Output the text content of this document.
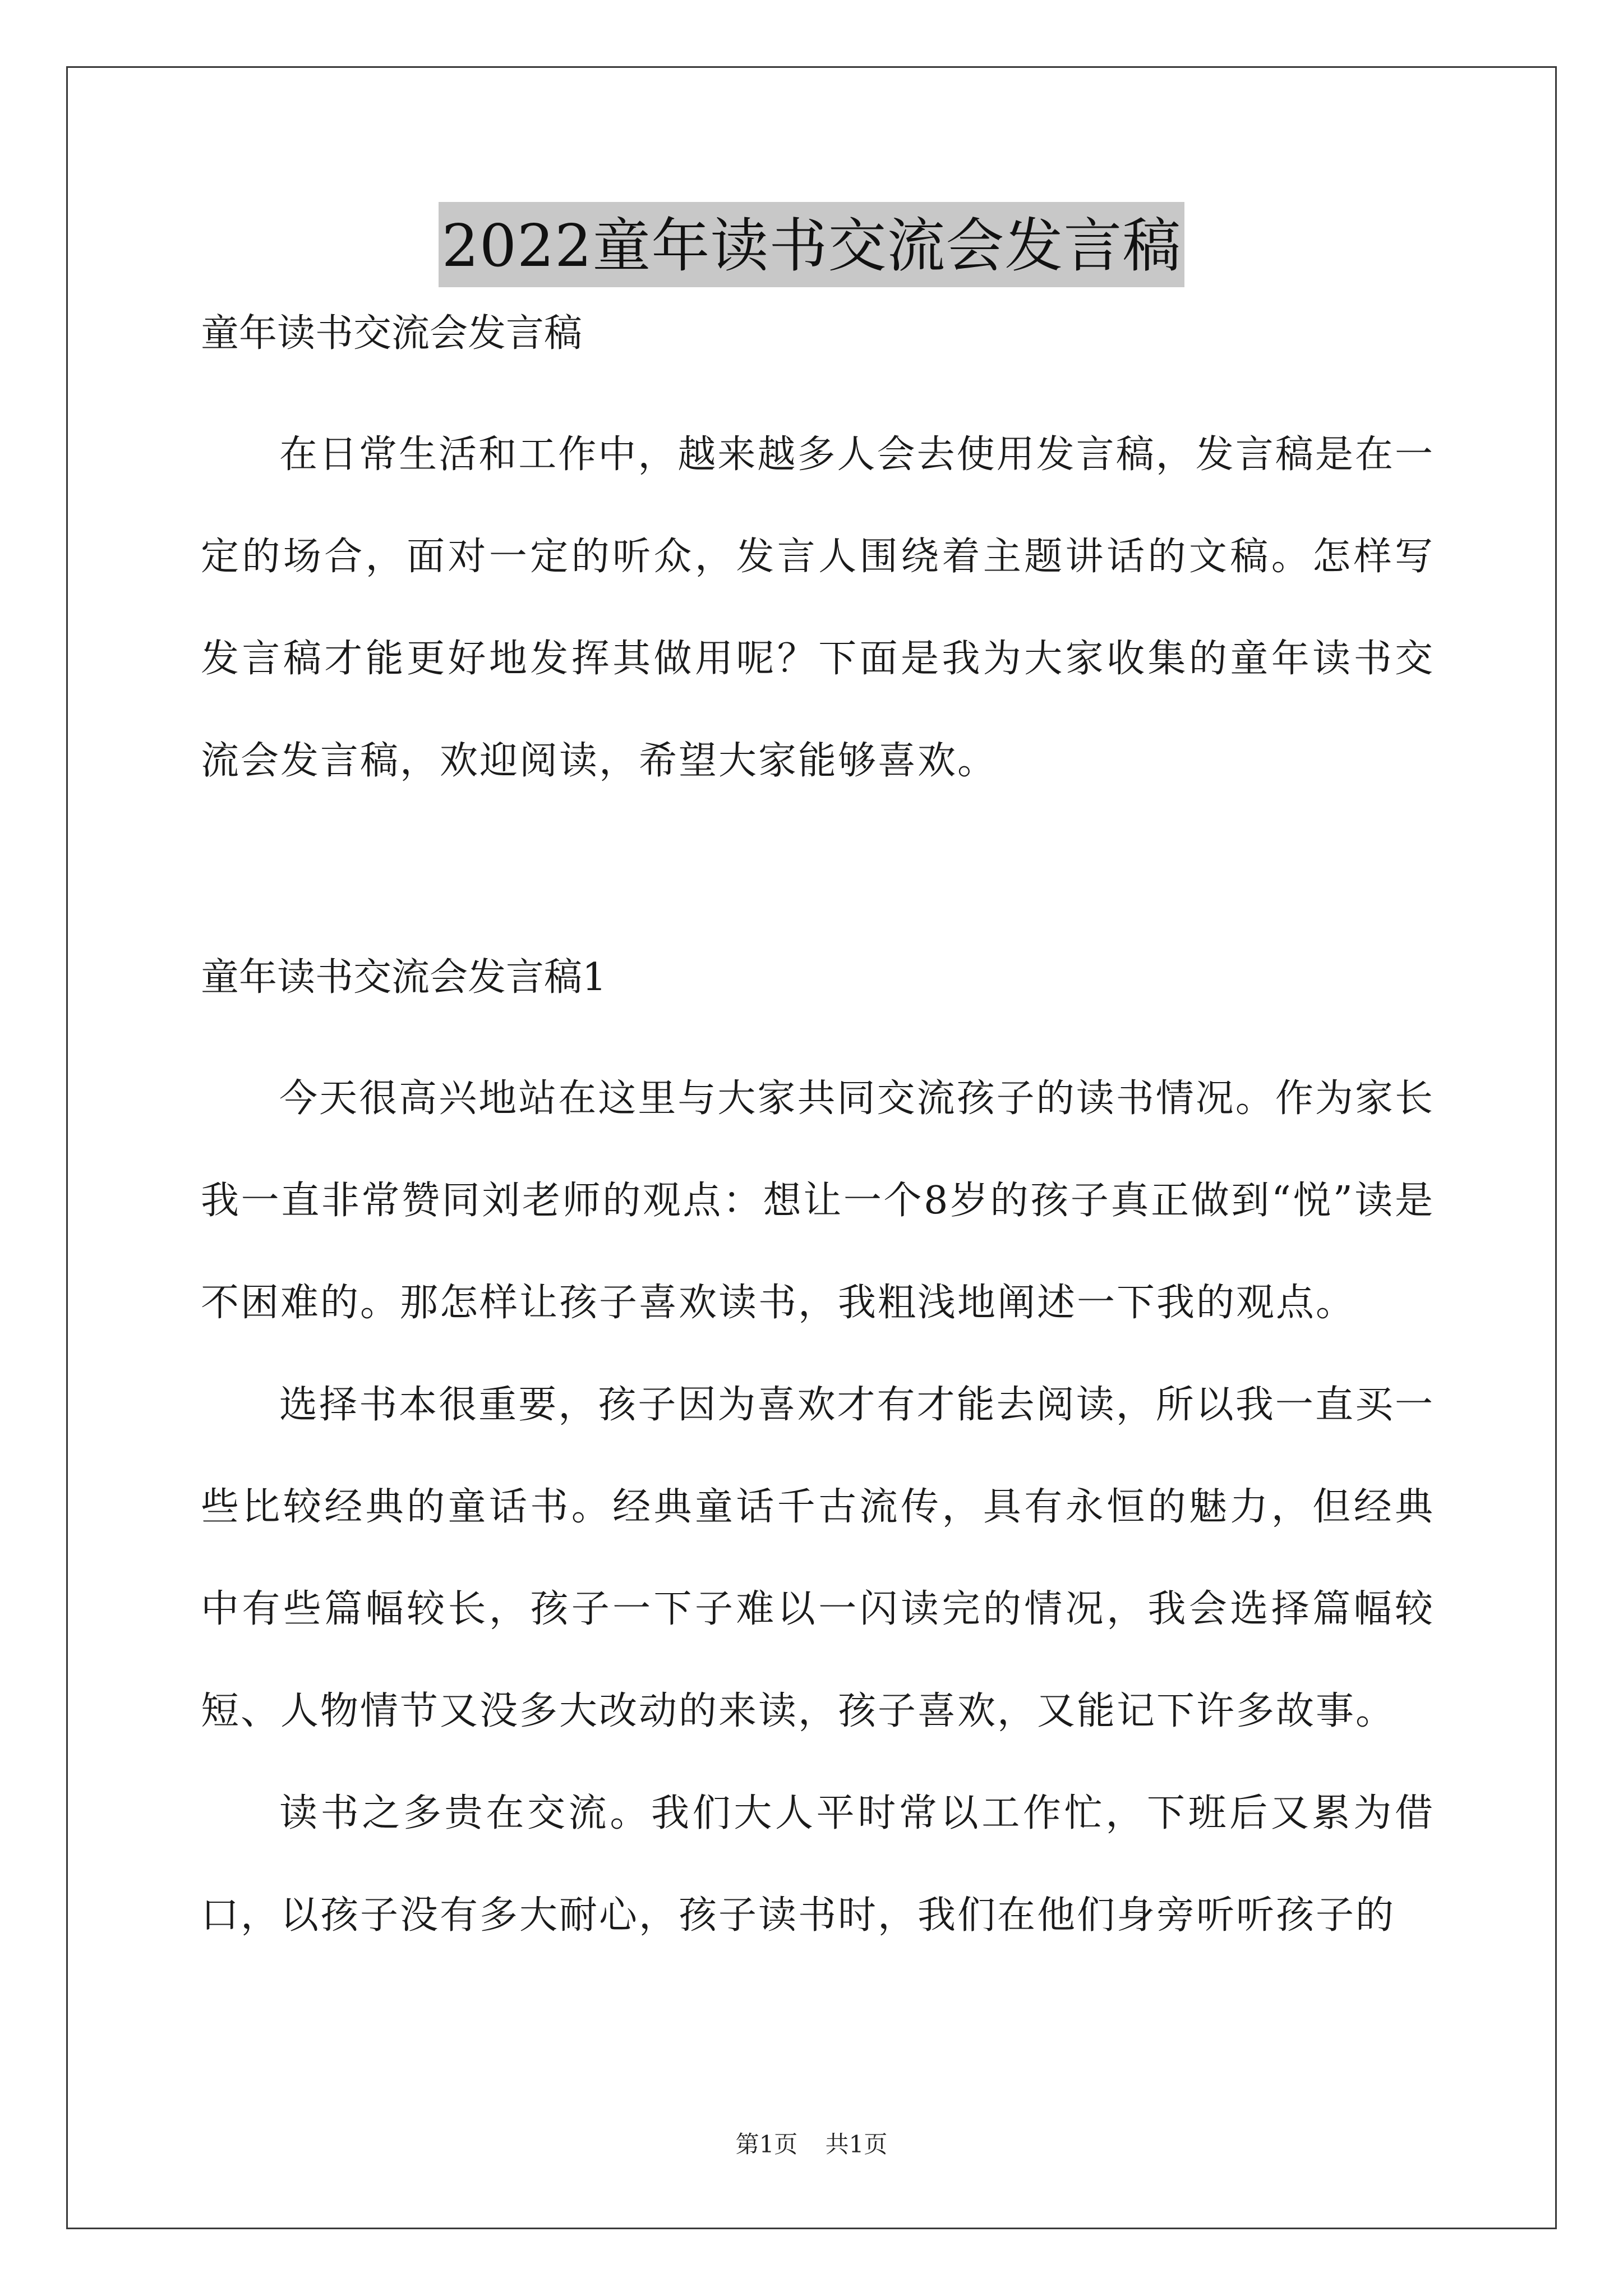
2022童年读书交流会发言稿

童年读书交流会发言稿

在日常生活和工作中，越来越多人会去使用发言稿，发言稿是在一定的场合，面对一定的听众，发言人围绕着主题讲话的文稿。怎样写发言稿才能更好地发挥其做用呢？下面是我为大家收集的童年读书交流会发言稿，欢迎阅读，希望大家能够喜欢。

童年读书交流会发言稿1

今天很高兴地站在这里与大家共同交流孩子的读书情况。作为家长我一直非常赞同刘老师的观点：想让一个8岁的孩子真正做到“悦”读是不困难的。那怎样让孩子喜欢读书，我粗浅地阐述一下我的观点。

选择书本很重要，孩子因为喜欢才有才能去阅读，所以我一直买一些比较经典的童话书。经典童话千古流传，具有永恒的魅力，但经典中有些篇幅较长，孩子一下子难以一闪读完的情况，我会选择篇幅较短、人物情节又没多大改动的来读，孩子喜欢，又能记下许多故事。

读书之多贵在交流。我们大人平时常以工作忙，下班后又累为借口，以孩子没有多大耐心，孩子读书时，我们在他们身旁听听孩子的

第1页 共1页
